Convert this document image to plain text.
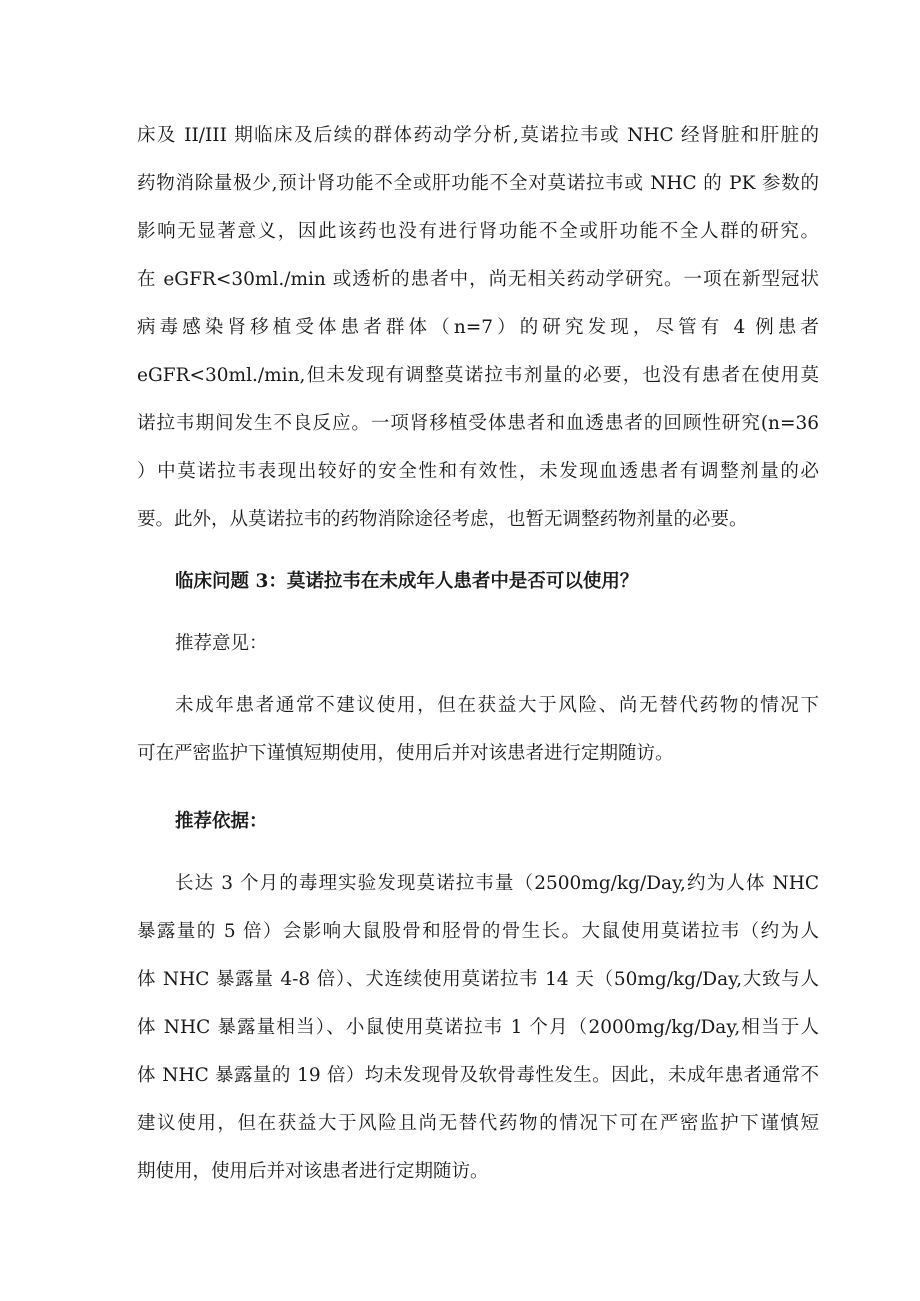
床及 II/III 期临床及后续的群体药动学分析,莫诺拉韦或 NHC 经肾脏和肝脏的
药物消除量极少,预计肾功能不全或肝功能不全对莫诺拉韦或 NHC 的 PK 参数的
影响无显著意义，因此该药也没有进行肾功能不全或肝功能不全人群的研究。
在 eGFR<30ml./min 或透析的患者中，尚无相关药动学研究。一项在新型冠状
病毒感染肾移植受体患者群体（n=7）的研究发现，尽管有 4 例患者
eGFR<30ml./min,但未发现有调整莫诺拉韦剂量的必要，也没有患者在使用莫
诺拉韦期间发生不良反应。一项肾移植受体患者和血透患者的回顾性研究(n=36
）中莫诺拉韦表现出较好的安全性和有效性，未发现血透患者有调整剂量的必
要。此外，从莫诺拉韦的药物消除途径考虑，也暂无调整药物剂量的必要。
临床问题 3：莫诺拉韦在未成年人患者中是否可以使用？
推荐意见：
未成年患者通常不建议使用，但在获益大于风险、尚无替代药物的情况下
可在严密监护下谨慎短期使用，使用后并对该患者进行定期随访。
推荐依据：
长达 3 个月的毒理实验发现莫诺拉韦量（2500mg/kg/Day,约为人体 NHC
暴露量的 5 倍）会影响大鼠股骨和胫骨的骨生长。大鼠使用莫诺拉韦（约为人
体 NHC 暴露量 4-8 倍）、犬连续使用莫诺拉韦 14 天（50mg/kg/Day,大致与人
体 NHC 暴露量相当）、小鼠使用莫诺拉韦 1 个月（2000mg/kg/Day,相当于人
体 NHC 暴露量的 19 倍）均未发现骨及软骨毒性发生。因此，未成年患者通常不
建议使用，但在获益大于风险且尚无替代药物的情况下可在严密监护下谨慎短
期使用，使用后并对该患者进行定期随访。
